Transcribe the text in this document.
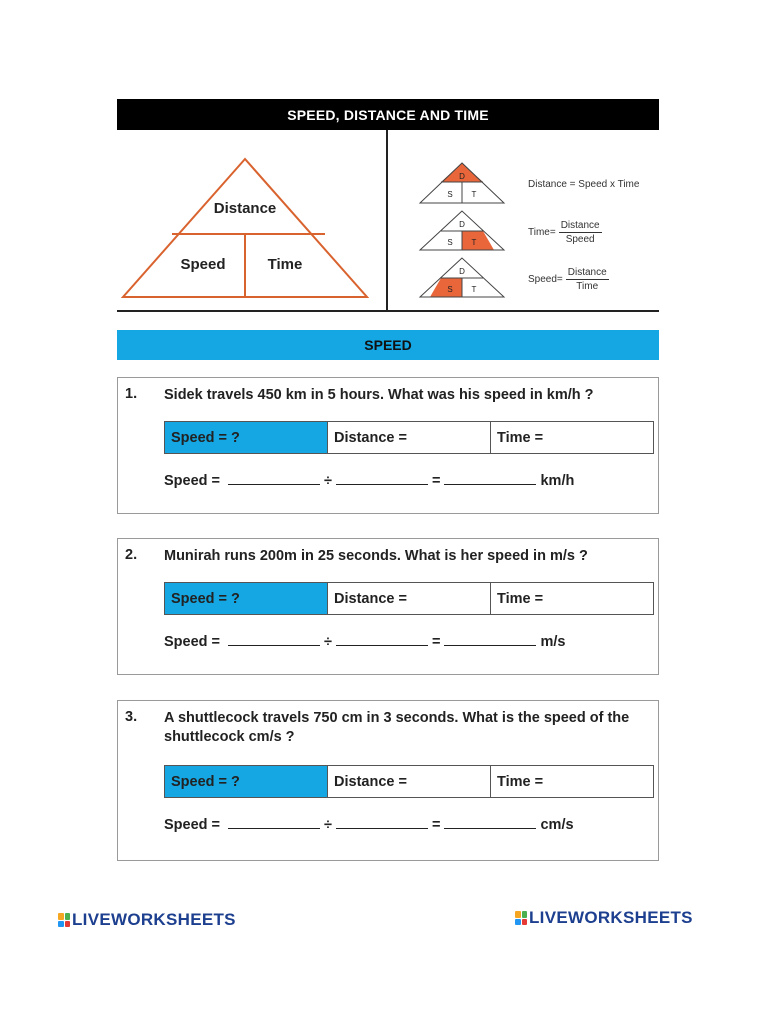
SPEED, DISTANCE AND TIME
Distance
Speed	Time
D
S T
D
S T
D
S T
Distance = Speed x Time
Time= $\frac{\text{Distance}}{\text{Speed}}$
Speed= $\frac{\text{Distance}}{\text{Time}}$
SPEED
1. Sidek travels 450 km in 5 hours. What was his speed in km/h ?
Speed = ?	Distance =	Time =
Speed =	÷	=	km/h
2. Munirah runs 200m in 25 seconds. What is her speed in m/s ?
Speed = ?	Distance =	Time =
Speed =	÷	=	m/s
3. A shuttlecock travels 750 cm in 3 seconds. What is the speed of the shuttlecock cm/s ?
Speed = ?	Distance =	Time =
Speed =	÷	=	cm/s
LIVEWORKSHEETS	LIVEWORKSHEETS
